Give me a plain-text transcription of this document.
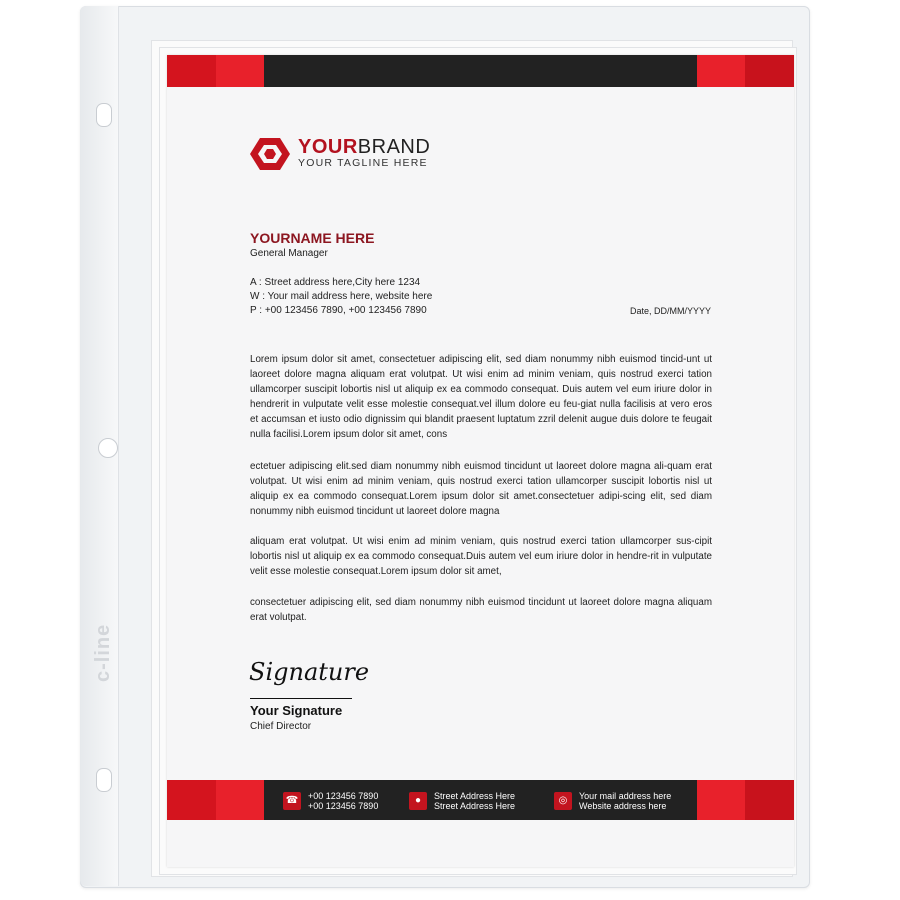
c-line
YOURBRAND
YOUR TAGLINE HERE
YOURNAME HERE
General Manager
A : Street address here,City here 1234
W : Your mail address here, website here
P : +00 123456 7890, +00 123456 7890	Date, DD/MM/YYYY
Lorem ipsum dolor sit amet, consectetuer adipiscing elit, sed diam nonummy nibh euismod tincid-unt ut laoreet dolore magna aliquam erat volutpat. Ut wisi enim ad minim veniam, quis nostrud exerci tation ullamcorper suscipit lobortis nisl ut aliquip ex ea commodo consequat. Duis autem vel eum iriure dolor in hendrerit in vulputate velit esse molestie consequat.vel illum dolore eu feu-giat nulla facilisis at vero eros et accumsan et iusto odio dignissim qui blandit praesent luptatum zzril delenit augue duis dolore te feugait nulla facilisi.Lorem ipsum dolor sit amet, cons
ectetuer adipiscing elit.sed diam nonummy nibh euismod tincidunt ut laoreet dolore magna ali-quam erat volutpat. Ut wisi enim ad minim veniam, quis nostrud exerci tation ullamcorper suscipit lobortis nisl ut aliquip ex ea commodo consequat.Lorem ipsum dolor sit amet.consectetuer adipi-scing elit, sed diam nonummy nibh euismod tincidunt ut laoreet dolore magna
aliquam erat volutpat. Ut wisi enim ad minim veniam, quis nostrud exerci tation ullamcorper sus-cipit lobortis nisl ut aliquip ex ea commodo consequat.Duis autem vel eum iriure dolor in hendre-rit in vulputate velit esse molestie consequat.Lorem ipsum dolor sit amet,
consectetuer adipiscing elit, sed diam nonummy nibh euismod tincidunt ut laoreet dolore magna aliquam erat volutpat.
Signature
Your Signature
Chief Director
☎	+00 123456 7890
+00 123456 7890	●	Street Address Here
Street Address Here	◎	Your mail address here
Website address here
